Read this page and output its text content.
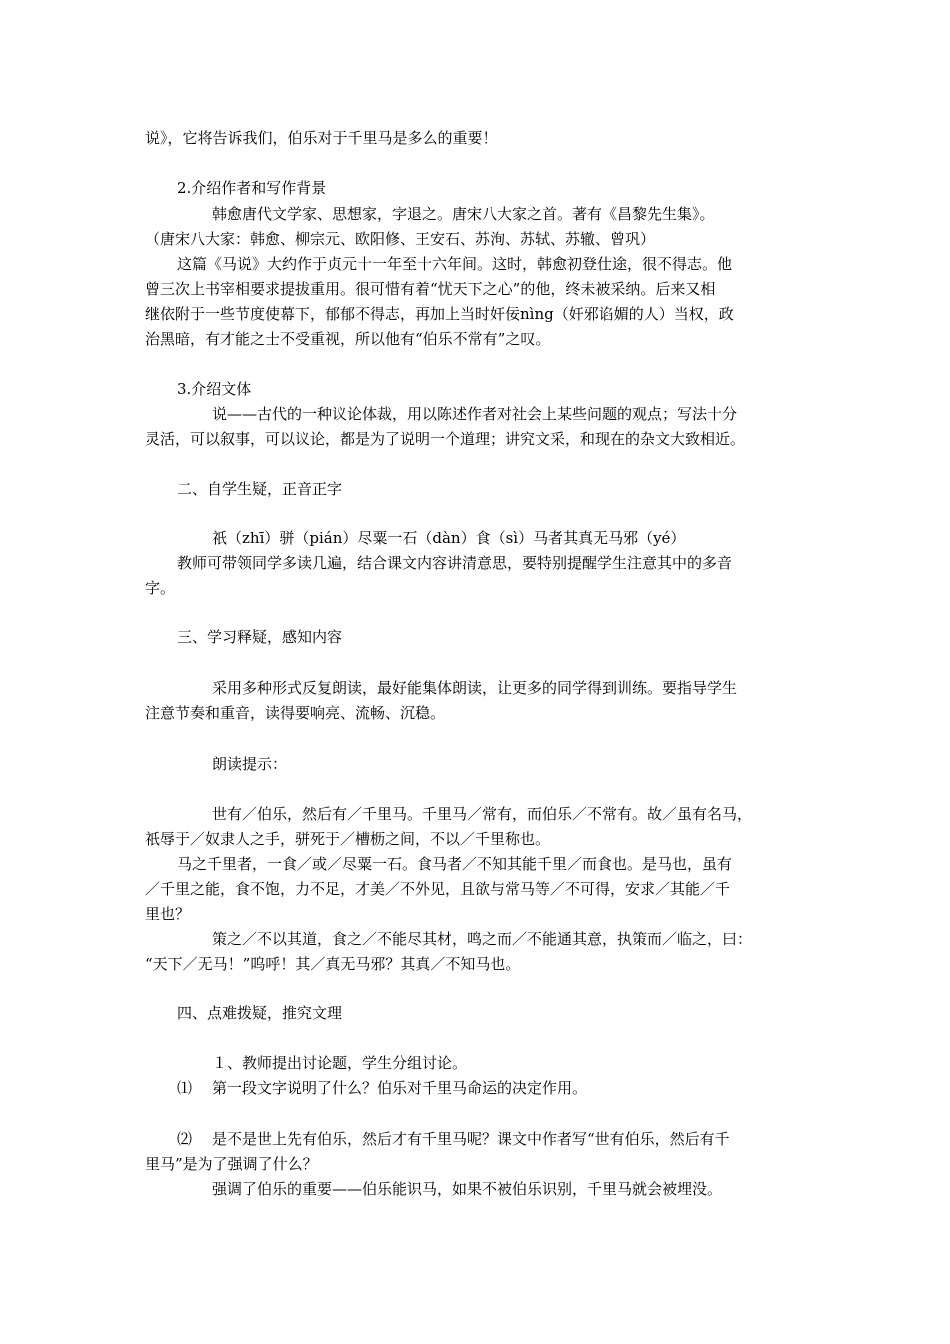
说》，它将告诉我们，伯乐对于千里马是多么的重要！
2.介绍作者和写作背景
韩愈唐代文学家、思想家，字退之。唐宋八大家之首。著有《昌黎先生集》。
（唐宋八大家：韩愈、柳宗元、欧阳修、王安石、苏洵、苏轼、苏辙、曾巩）
这篇《马说》大约作于贞元十一年至十六年间。这时，韩愈初登仕途，很不得志。他
曾三次上书宰相要求提拔重用。很可惜有着“忧天下之心”的他，终未被采纳。后来又相
继依附于一些节度使幕下，郁郁不得志，再加上当时奸佞nìng（奸邪谄媚的人）当权，政
治黑暗，有才能之士不受重视，所以他有“伯乐不常有”之叹。
3.介绍文体
说——古代的一种议论体裁，用以陈述作者对社会上某些问题的观点；写法十分
灵活，可以叙事，可以议论，都是为了说明一个道理；讲究文采，和现在的杂文大致相近。
二、自学生疑，正音正字
祇（zhī）骈（pián）尽粟一石（dàn）食（sì）马者其真无马邪（yé）
教师可带领同学多读几遍，结合课文内容讲清意思，要特别提醒学生注意其中的多音
字。
三、学习释疑，感知内容
采用多种形式反复朗读，最好能集体朗读，让更多的同学得到训练。要指导学生
注意节奏和重音，读得要响亮、流畅、沉稳。
朗读提示：
世有／伯乐，然后有／千里马。千里马／常有，而伯乐／不常有。故／虽有名马，
祇辱于／奴隶人之手，骈死于／槽枥之间，不以／千里称也。
马之千里者，一食／或／尽粟一石。食马者／不知其能千里／而食也。是马也，虽有
／千里之能，食不饱，力不足，才美／不外见，且欲与常马等／不可得，安求／其能／千
里也？
策之／不以其道，食之／不能尽其材，鸣之而／不能通其意，执策而／临之，曰：
“天下／无马！”呜呼！其／真无马邪？其真／不知马也。
四、点难拨疑，推究文理
１、教师提出讨论题，学生分组讨论。
⑴ 第一段文字说明了什么？伯乐对千里马命运的决定作用。
⑵ 是不是世上先有伯乐，然后才有千里马呢？课文中作者写“世有伯乐，然后有千
里马”是为了强调了什么？
强调了伯乐的重要——伯乐能识马，如果不被伯乐识别，千里马就会被埋没。
